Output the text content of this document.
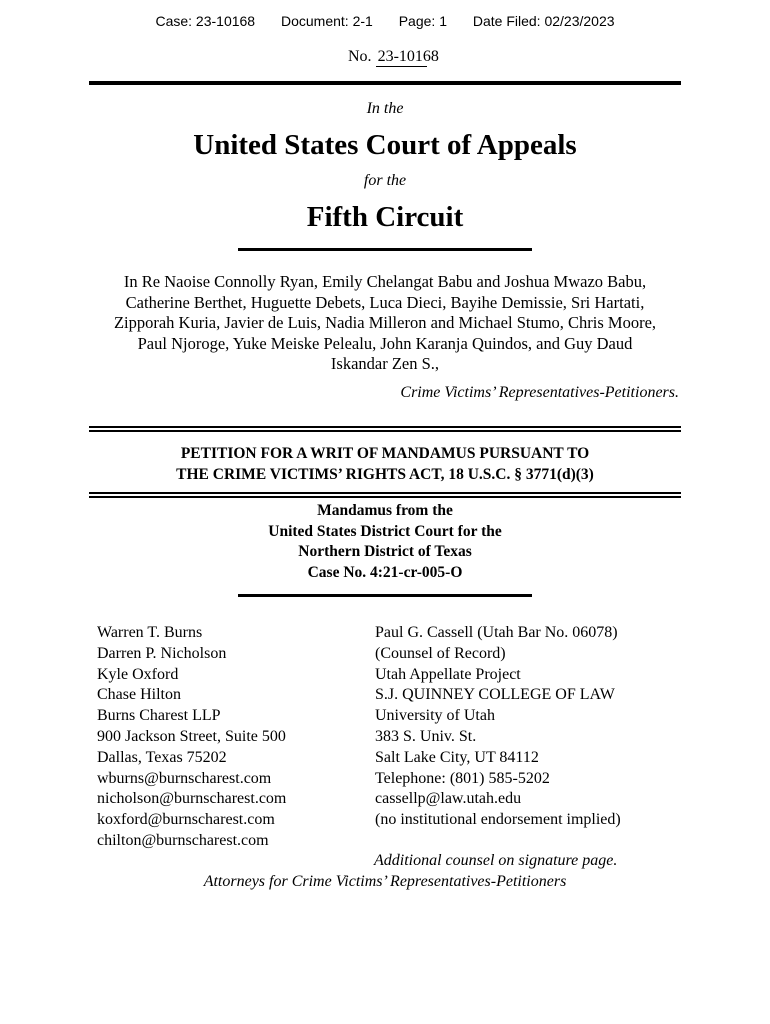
Case: 23-10168 Document: 2-1 Page: 1 Date Filed: 02/23/2023
No. 23-10168
In the
United States Court of Appeals
for the
Fifth Circuit
In Re Naoise Connolly Ryan, Emily Chelangat Babu and Joshua Mwazo Babu,
Catherine Berthet, Huguette Debets, Luca Dieci, Bayihe Demissie, Sri Hartati,
Zipporah Kuria, Javier de Luis, Nadia Milleron and Michael Stumo, Chris Moore,
Paul Njoroge, Yuke Meiske Pelealu, John Karanja Quindos, and Guy Daud
Iskandar Zen S.,
Crime Victims’ Representatives-Petitioners.
PETITION FOR A WRIT OF MANDAMUS PURSUANT TO
THE CRIME VICTIMS’ RIGHTS ACT, 18 U.S.C. § 3771(d)(3)
Mandamus from the
United States District Court for the
Northern District of Texas
Case No. 4:21-cr-005-O
Warren T. Burns
Darren P. Nicholson
Kyle Oxford
Chase Hilton
Burns Charest LLP
900 Jackson Street, Suite 500
Dallas, Texas 75202
wburns@burnscharest.com
nicholson@burnscharest.com
koxford@burnscharest.com
chilton@burnscharest.com
Paul G. Cassell (Utah Bar No. 06078)
(Counsel of Record)
Utah Appellate Project
S.J. QUINNEY COLLEGE OF LAW
University of Utah
383 S. Univ. St.
Salt Lake City, UT 84112
Telephone: (801) 585-5202
cassellp@law.utah.edu
(no institutional endorsement implied)
Additional counsel on signature page.
Attorneys for Crime Victims’ Representatives-Petitioners
